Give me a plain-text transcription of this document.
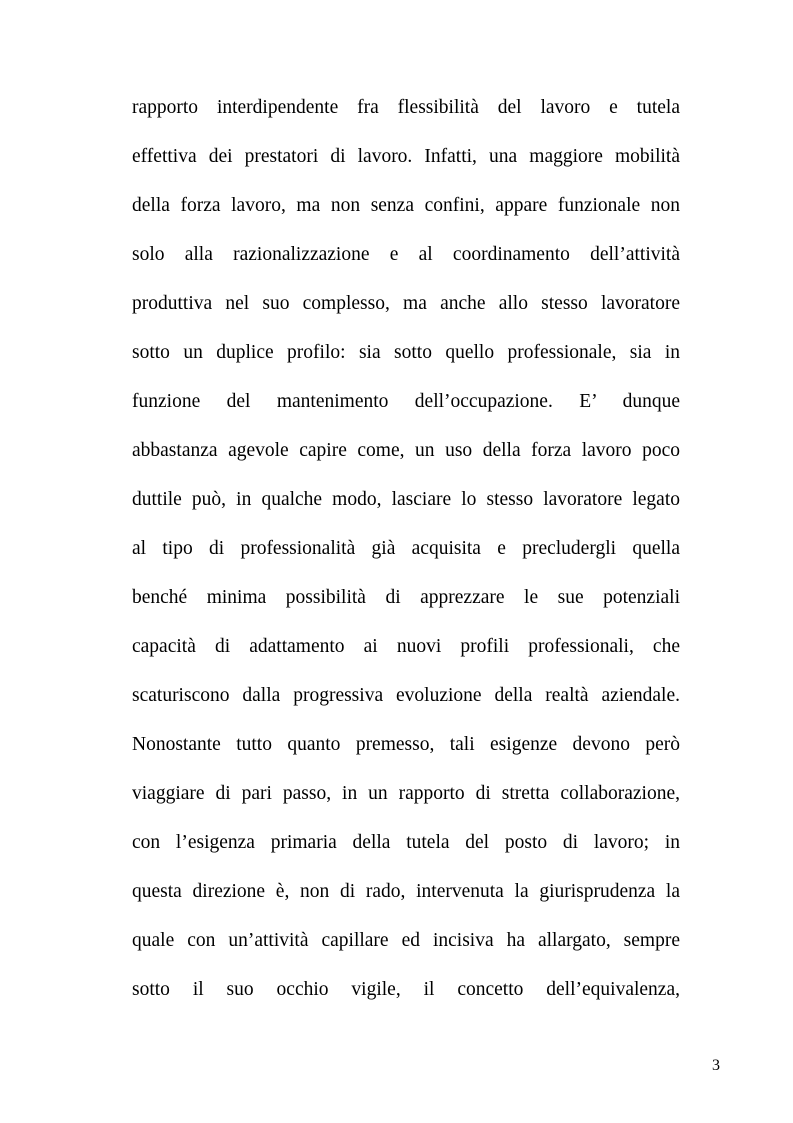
rapporto interdipendente fra flessibilità del lavoro e tutela
effettiva dei prestatori di lavoro. Infatti, una maggiore mobilità
della forza lavoro, ma non senza confini, appare funzionale non
solo alla razionalizzazione e al coordinamento dell’attività
produttiva nel suo complesso, ma anche allo stesso lavoratore
sotto un duplice profilo: sia sotto quello professionale, sia in
funzione del mantenimento dell’occupazione. E’ dunque
abbastanza agevole capire come, un uso della forza lavoro poco
duttile può, in qualche modo, lasciare lo stesso lavoratore legato
al tipo di professionalità già acquisita e precludergli quella
benché minima possibilità di apprezzare le sue potenziali
capacità di adattamento ai nuovi profili professionali, che
scaturiscono dalla progressiva evoluzione della realtà aziendale.
Nonostante tutto quanto premesso, tali esigenze devono però
viaggiare di pari passo, in un rapporto di stretta collaborazione,
con l’esigenza primaria della tutela del posto di lavoro; in
questa direzione è, non di rado, intervenuta la giurisprudenza la
quale con un’attività capillare ed incisiva ha allargato, sempre
sotto il suo occhio vigile, il concetto dell’equivalenza,
3
